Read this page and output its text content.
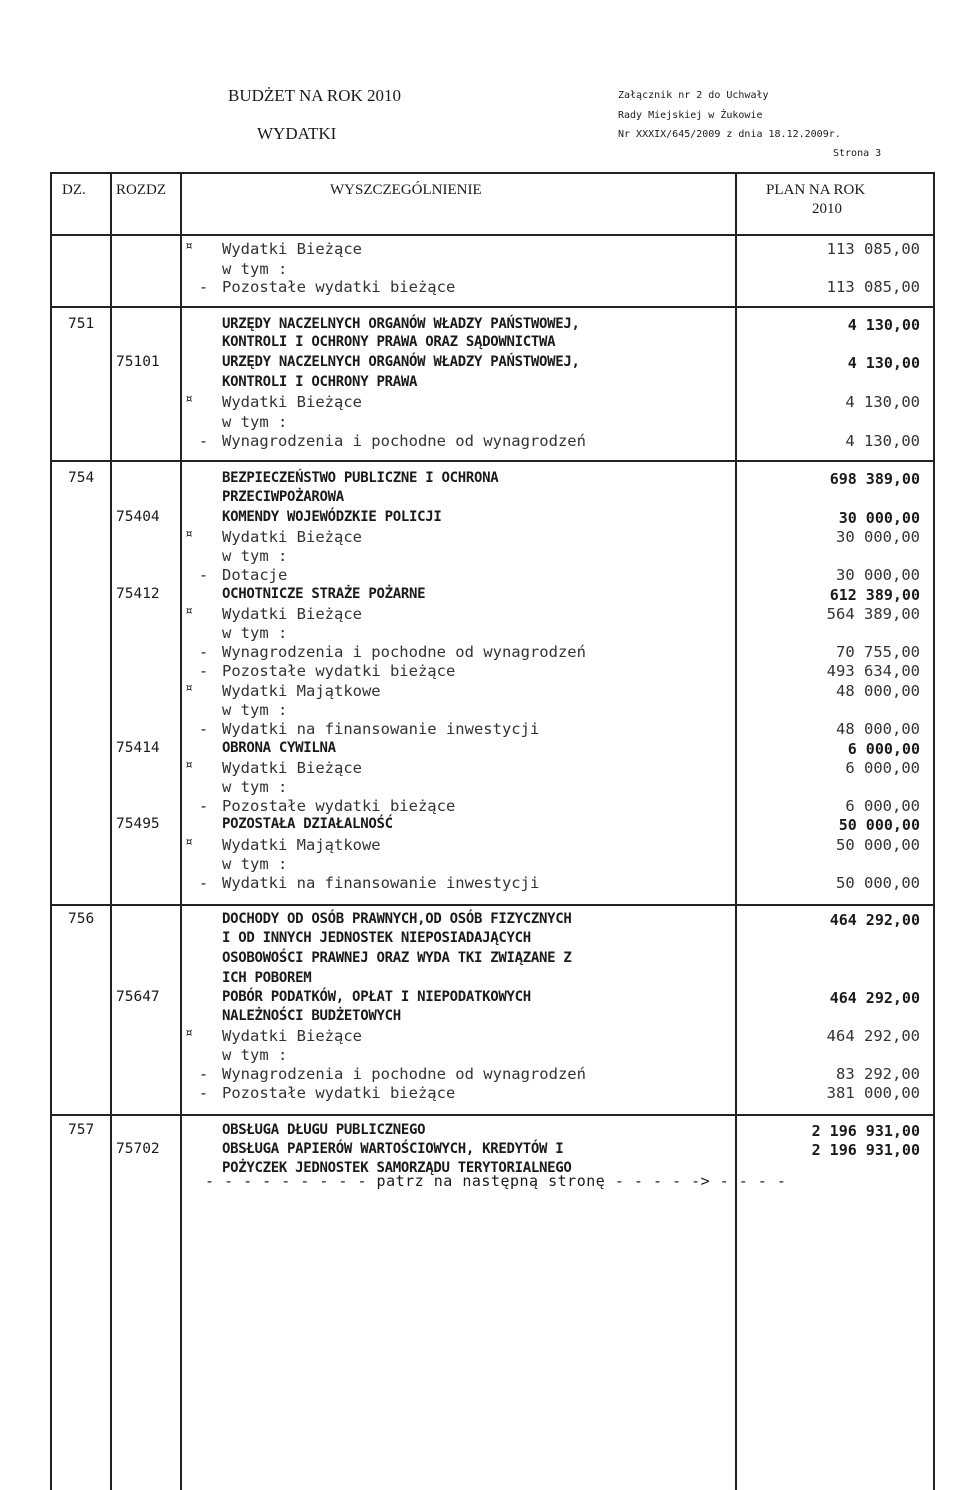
BUDŻET NA ROK 2010
WYDATKI
Załącznik nr 2 do Uchwały
Rady Miejskiej w Żukowie
Nr XXXIX/645/2009 z dnia 18.12.2009r.
Strona 3
DZ. ROZDZ	WYSZCZEGÓLNIENIE	PLAN NA ROK
2010
¤ Wydatki Bieżące	113 085,00
w tym :
- Pozostałe wydatki bieżące	113 085,00
751	URZĘDY NACZELNYCH ORGANÓW WŁADZY PAŃSTWOWEJ,	4 130,00
KONTROLI I OCHRONY PRAWA ORAZ SĄDOWNICTWA
75101	URZĘDY NACZELNYCH ORGANÓW WŁADZY PAŃSTWOWEJ,	4 130,00
KONTROLI I OCHRONY PRAWA
¤ Wydatki Bieżące	4 130,00
w tym :
- Wynagrodzenia i pochodne od wynagrodzeń	4 130,00
754	BEZPIECZEŃSTWO PUBLICZNE I OCHRONA	698 389,00
PRZECIWPOŻAROWA
75404	KOMENDY WOJEWÓDZKIE POLICJI	30 000,00
¤ Wydatki Bieżące	30 000,00
w tym :
- Dotacje	30 000,00
75412	OCHOTNICZE STRAŻE POŻARNE	612 389,00
¤ Wydatki Bieżące	564 389,00
w tym :
- Wynagrodzenia i pochodne od wynagrodzeń	70 755,00
- Pozostałe wydatki bieżące	493 634,00
¤ Wydatki Majątkowe	48 000,00
w tym :
- Wydatki na finansowanie inwestycji	48 000,00
75414	OBRONA CYWILNA	6 000,00
¤ Wydatki Bieżące	6 000,00
w tym :
- Pozostałe wydatki bieżące	6 000,00
75495	POZOSTAŁA DZIAŁALNOŚĆ	50 000,00
¤ Wydatki Majątkowe	50 000,00
w tym :
- Wydatki na finansowanie inwestycji	50 000,00
756	DOCHODY OD OSÓB PRAWNYCH,OD OSÓB FIZYCZNYCH	464 292,00
I OD INNYCH JEDNOSTEK NIEPOSIADAJĄCYCH
OSOBOWOŚCI PRAWNEJ ORAZ WYDA TKI ZWIĄZANE Z
ICH POBOREM
75647	POBÓR PODATKÓW, OPŁAT I NIEPODATKOWYCH	464 292,00
NALEŻNOŚCI BUDŻETOWYCH
¤ Wydatki Bieżące	464 292,00
w tym :
- Wynagrodzenia i pochodne od wynagrodzeń	83 292,00
- Pozostałe wydatki bieżące	381 000,00
757	OBSŁUGA DŁUGU PUBLICZNEGO	2 196 931,00
75702	OBSŁUGA PAPIERÓW WARTOŚCIOWYCH, KREDYTÓW I	2 196 931,00
POŻYCZEK JEDNOSTEK SAMORZĄDU TERYTORIALNEGO
- - - - - - - - - patrz na następną stronę - - - - -> - - - -
